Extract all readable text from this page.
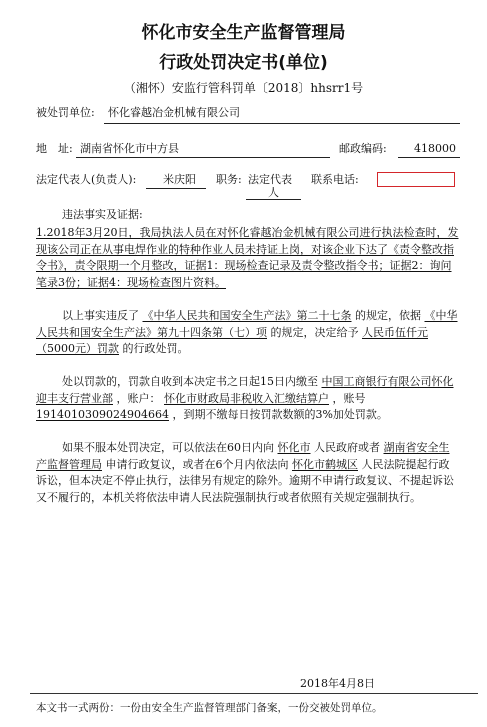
怀化市安全生产监督管理局
行政处罚决定书(单位)
（湘怀）安监行管科罚单〔2018〕hhsrr1号
被处罚单位: 怀化睿越冶金机械有限公司
地　址: 湖南省怀化市中方县	邮政编码: 418000
法定代表人(负责人): 米庆阳 职务: 法定代表
人
联系电话:
违法事实及证据:

1.2018年3月20日，我局执法人员在对怀化睿越冶金机械有限公司进行执法检查时，发现该公司正在从事电焊作业的特种作业人员未持证上岗，对该企业下达了《责令整改指令书》，责令限期一个月整改，证据1：现场检查记录及责令整改指令书；证据2：询问笔录3份；证据4：现场检查图片资料。

以上事实违反了 《中华人民共和国安全生产法》第二十七条 的规定，依据 《中华人民共和国安全生产法》第九十四条第（七）项 的规定，决定给予 人民币伍仟元（5000元）罚款 的行政处罚。

处以罚款的，罚款自收到本决定书之日起15日内缴至 中国工商银行有限公司怀化迎丰支行营业部 ，账户： 怀化市财政局非税收入汇缴结算户 ，账号 1914010309024904664 ，到期不缴每日按罚款数额的3%加处罚款。

如果不服本处罚决定，可以依法在60日内向 怀化市 人民政府或者 湖南省安全生产监督管理局 申请行政复议，或者在6个月内依法向 怀化市鹤城区 人民法院提起行政诉讼，但本决定不停止执行，法律另有规定的除外。逾期不申请行政复议、不提起诉讼又不履行的，本机关将依法申请人民法院强制执行或者依照有关规定强制执行。

2018年4月8日
本文书一式两份：一份由安全生产监督管理部门备案，一份交被处罚单位。
